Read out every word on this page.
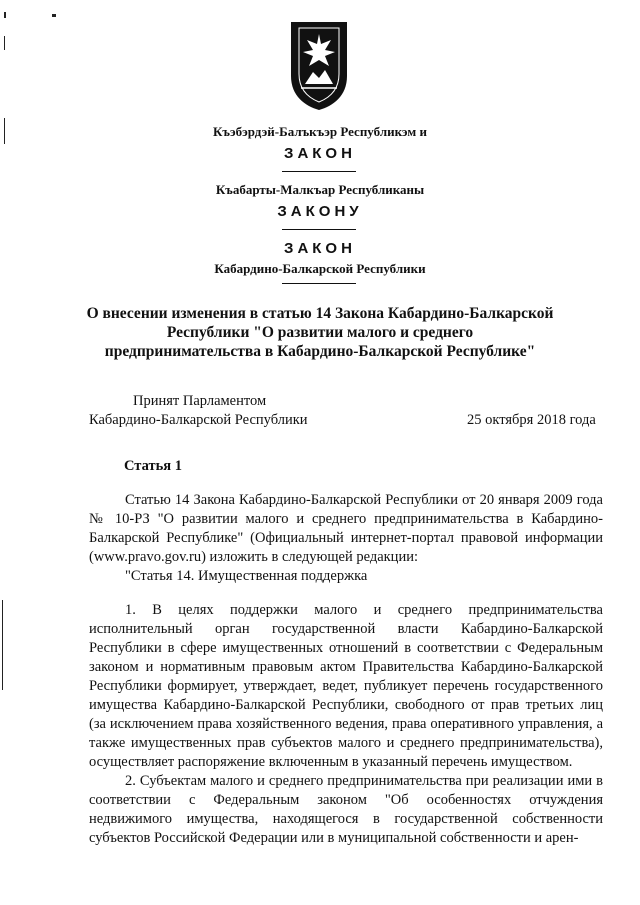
Къэбэрдэй-Балъкъэр Республикэм и
ЗАКОН
Къабарты-Малкъар Республиканы
ЗАКОНУ
ЗАКОН
Кабардино-Балкарской Республики
О внесении изменения в статью 14 Закона Кабардино-Балкарской
Республики "О развитии малого и среднего
предпринимательства в Кабардино-Балкарской Республике"
Принят Парламентом
Кабардино-Балкарской Республики	25 октября 2018 года
Статья 1

Статью 14 Закона Кабардино-Балкарской Республики от 20 января 2009 года № 10-РЗ "О развитии малого и среднего предпринимательства в Кабардино-Балкарской Республике" (Официальный интернет-портал правовой информации (www.pravo.gov.ru) изложить в следующей редакции:

"Статья 14. Имущественная поддержка

1. В целях поддержки малого и среднего предпринимательства исполнительный орган государственной власти Кабардино-Балкарской Республики в сфере имущественных отношений в соответствии с Федеральным законом и нормативным правовым актом Правительства Кабардино-Балкарской Республики формирует, утверждает, ведет, публикует перечень государственного имущества Кабардино-Балкарской Республики, свободного от прав третьих лиц (за исключением права хозяйственного ведения, права оперативного управления, а также имущественных прав субъектов малого и среднего предпринимательства), осуществляет распоряжение включенным в указанный перечень имуществом.

2. Субъектам малого и среднего предпринимательства при реализации ими в соответствии с Федеральным законом "Об особенностях отчуждения недвижимого имущества, находящегося в государственной собственности субъектов Российской Федерации или в муниципальной собственности и арен-
